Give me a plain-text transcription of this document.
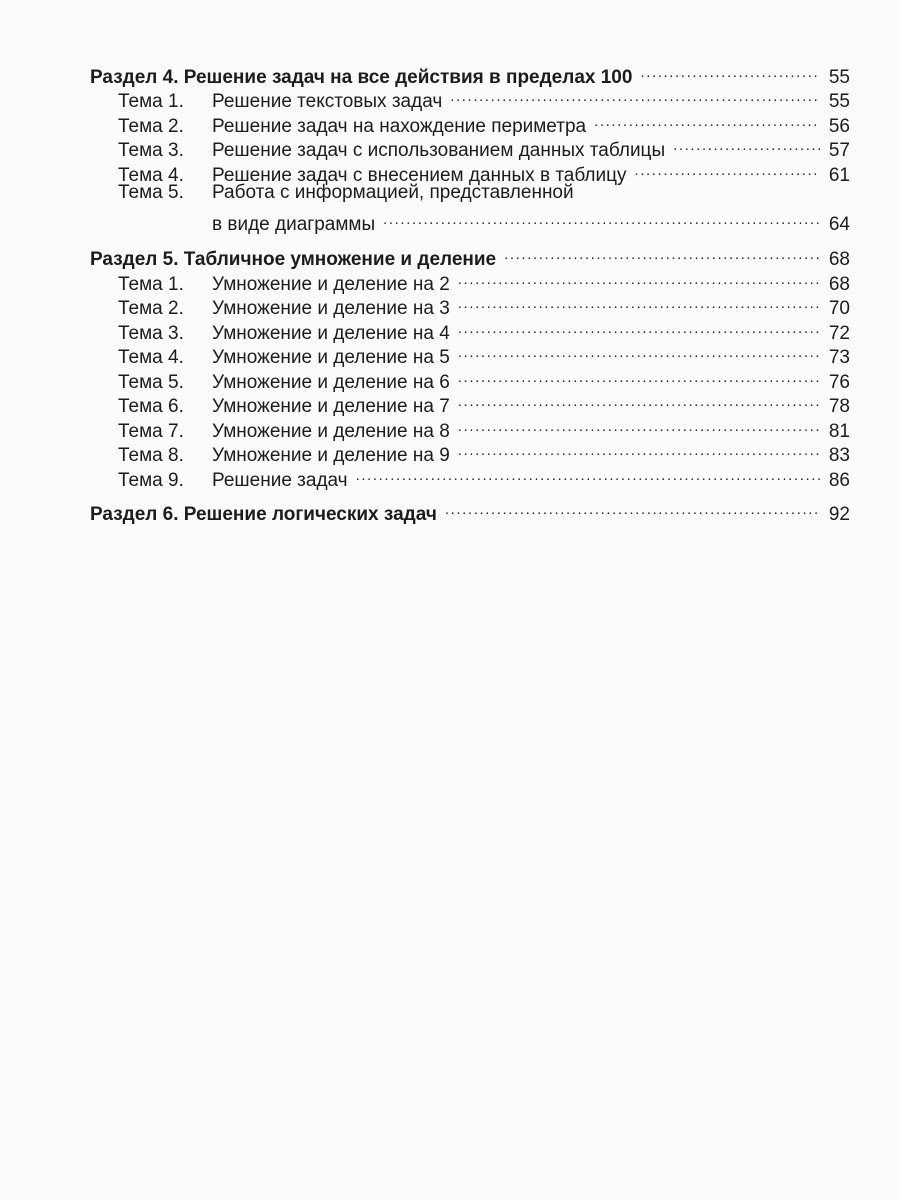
Раздел 4. Решение задач на все действия в пределах 100 .....	55
Тема 1.	Решение текстовых задач .....	55
Тема 2.	Решение задач на нахождение периметра .....	56
Тема 3.	Решение задач с использованием данных таблицы .....	57
Тема 4.	Решение задач с внесением данных в таблицу .....	61
Тема 5.	Работа с информацией, представленной
в виде диаграммы .....	64
Раздел 5. Табличное умножение и деление .....	68
Тема 1.	Умножение и деление на 2 .....	68
Тема 2.	Умножение и деление на 3 .....	70
Тема 3.	Умножение и деление на 4 .....	72
Тема 4.	Умножение и деление на 5 .....	73
Тема 5.	Умножение и деление на 6 .....	76
Тема 6.	Умножение и деление на 7 .....	78
Тема 7.	Умножение и деление на 8 .....	81
Тема 8.	Умножение и деление на 9 .....	83
Тема 9.	Решение задач .....	86
Раздел 6. Решение логических задач .....	92
